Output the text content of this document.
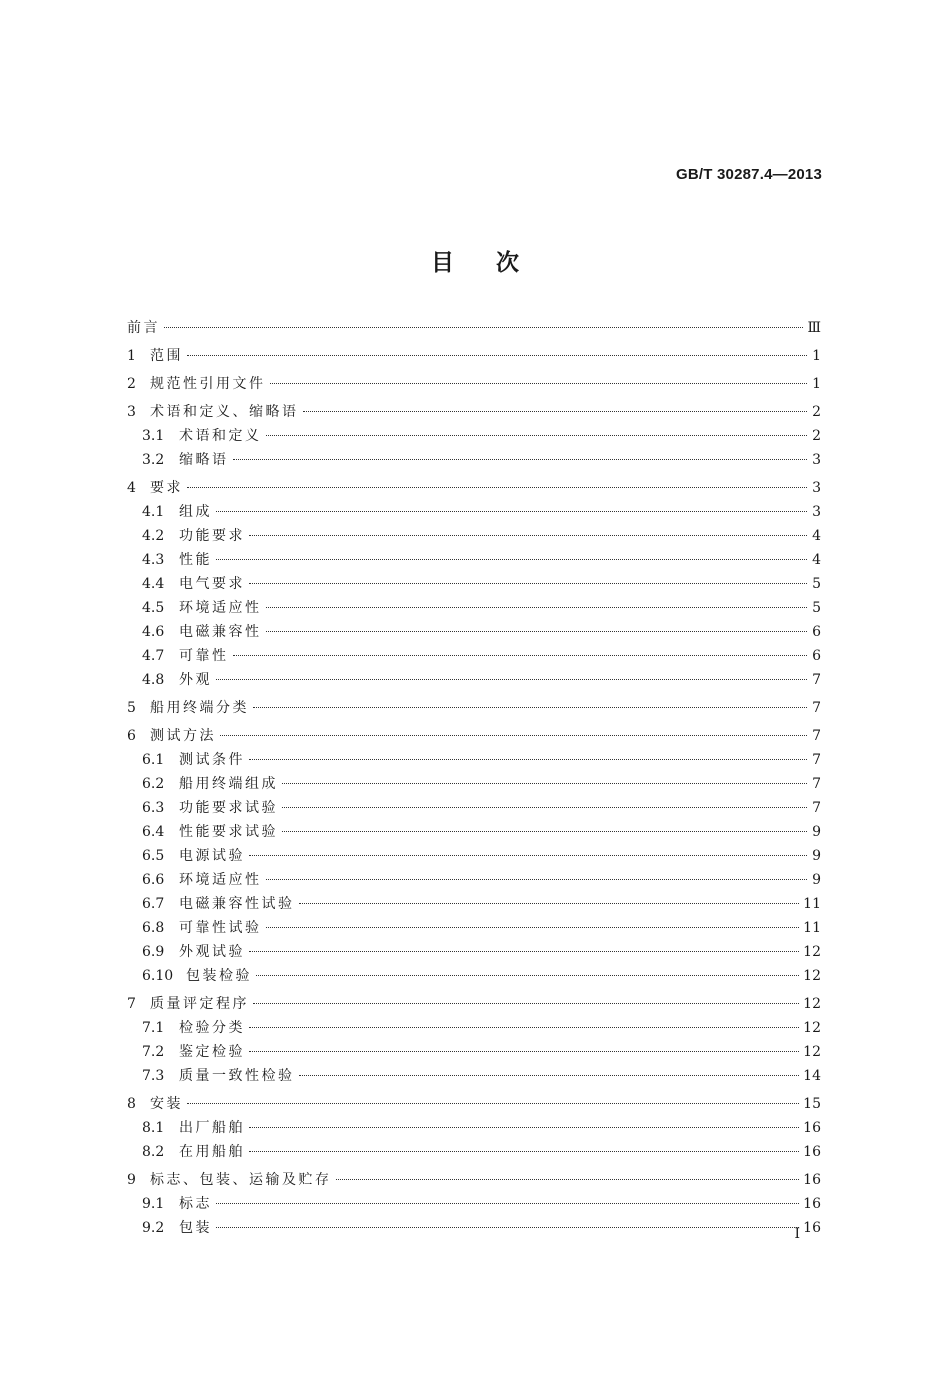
GB/T 30287.4—2013
目次
前言	Ⅲ
1	范围	1
2	规范性引用文件	1
3	术语和定义、缩略语	2
3.1	术语和定义	2
3.2	缩略语	3
4	要求	3
4.1	组成	3
4.2	功能要求	4
4.3	性能	4
4.4	电气要求	5
4.5	环境适应性	5
4.6	电磁兼容性	6
4.7	可靠性	6
4.8	外观	7
5	船用终端分类	7
6	测试方法	7
6.1	测试条件	7
6.2	船用终端组成	7
6.3	功能要求试验	7
6.4	性能要求试验	9
6.5	电源试验	9
6.6	环境适应性	9
6.7	电磁兼容性试验	11
6.8	可靠性试验	11
6.9	外观试验	12
6.10 包装检验	12
7	质量评定程序	12
7.1	检验分类	12
7.2	鉴定检验	12
7.3	质量一致性检验	14
8	安装	15
8.1	出厂船舶	16
8.2	在用船舶	16
9	标志、包装、运输及贮存	16
9.1	标志	16
9.2	包装	16
I
